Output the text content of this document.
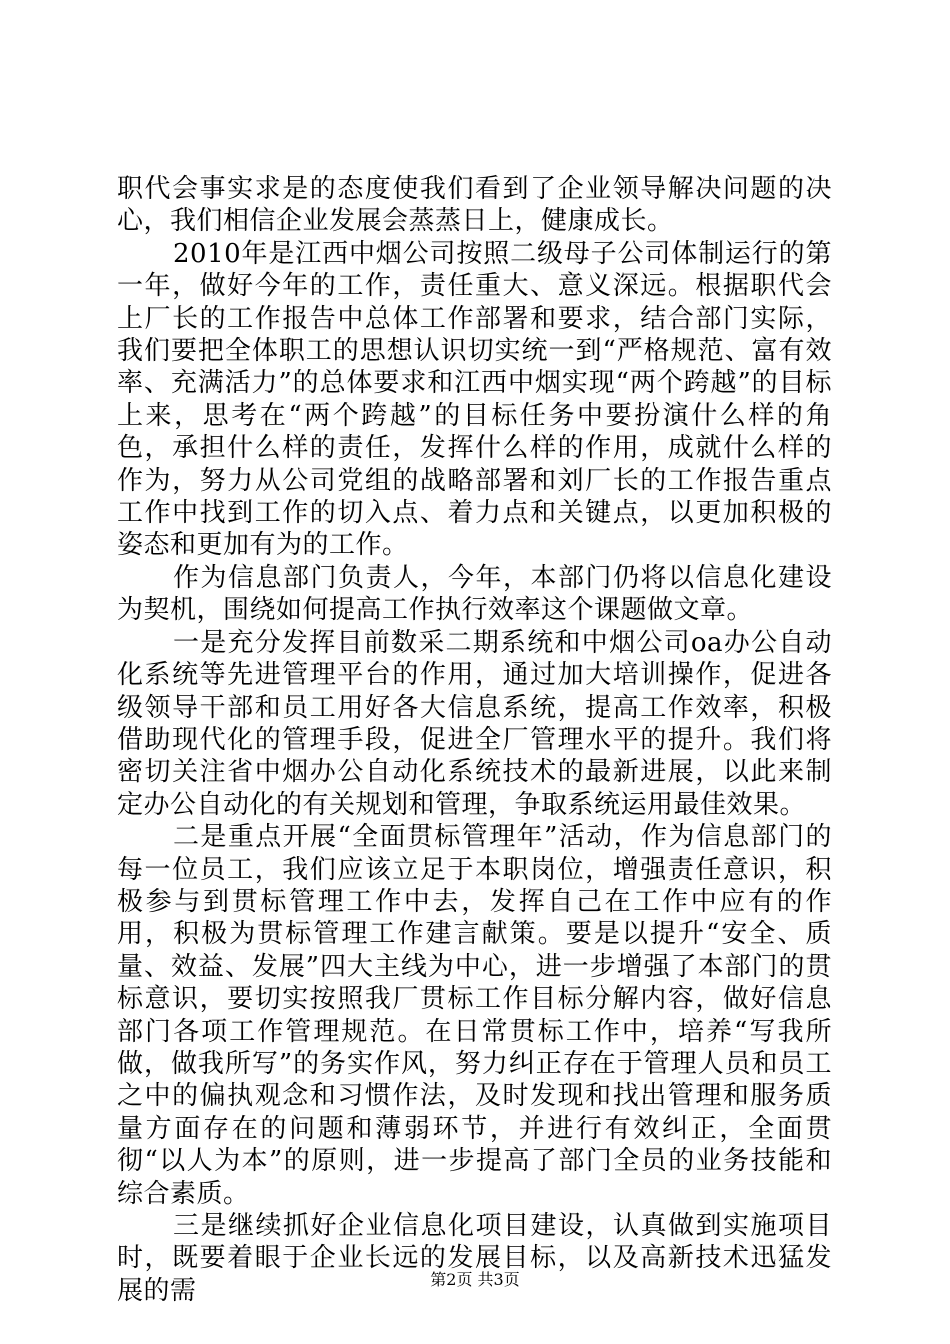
职代会事实求是的态度使我们看到了企业领导解决问题的决心，我们相信企业发展会蒸蒸日上，健康成长。

2010年是江西中烟公司按照二级母子公司体制运行的第一年，做好今年的工作，责任重大、意义深远。根据职代会上厂长的工作报告中总体工作部署和要求，结合部门实际，我们要把全体职工的思想认识切实统一到“严格规范、富有效率、充满活力”的总体要求和江西中烟实现“两个跨越”的目标上来，思考在“两个跨越”的目标任务中要扮演什么样的角色，承担什么样的责任，发挥什么样的作用，成就什么样的作为，努力从公司党组的战略部署和刘厂长的工作报告重点工作中找到工作的切入点、着力点和关键点，以更加积极的姿态和更加有为的工作。

作为信息部门负责人，今年，本部门仍将以信息化建设为契机，围绕如何提高工作执行效率这个课题做文章。

一是充分发挥目前数采二期系统和中烟公司oa办公自动化系统等先进管理平台的作用，通过加大培训操作，促进各级领导干部和员工用好各大信息系统，提高工作效率，积极借助现代化的管理手段，促进全厂管理水平的提升。我们将密切关注省中烟办公自动化系统技术的最新进展，以此来制定办公自动化的有关规划和管理，争取系统运用最佳效果。

二是重点开展“全面贯标管理年”活动，作为信息部门的每一位员工，我们应该立足于本职岗位，增强责任意识，积极参与到贯标管理工作中去，发挥自己在工作中应有的作用，积极为贯标管理工作建言献策。要是以提升“安全、质量、效益、发展”四大主线为中心，进一步增强了本部门的贯标意识，要切实按照我厂贯标工作目标分解内容，做好信息部门各项工作管理规范。在日常贯标工作中，培养“写我所做，做我所写”的务实作风，努力纠正存在于管理人员和员工之中的偏执观念和习惯作法，及时发现和找出管理和服务质量方面存在的问题和薄弱环节，并进行有效纠正，全面贯彻“以人为本”的原则，进一步提高了部门全员的业务技能和综合素质。

三是继续抓好企业信息化项目建设，认真做到实施项目时，既要着眼于企业长远的发展目标，以及高新技术迅猛发展的需	第2页 共3页
